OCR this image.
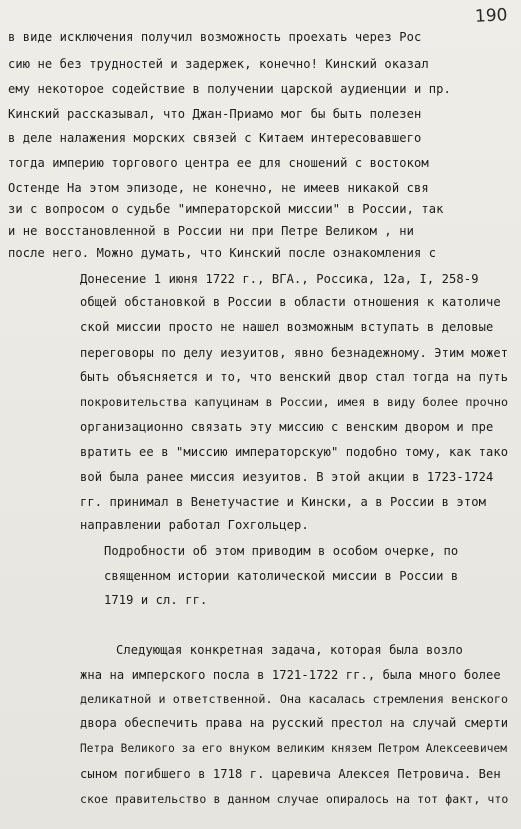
190
в виде исключения получил возможность проехать через Рос
сию не без трудностей и задержек, конечно! Кинский оказал
ему некоторое содействие в получении царской аудиенции и пр.
Кинский рассказывал, что Джан-Приамо мог бы быть полезен
в деле налажения морских связей с Китаем интересовавшего
тогда империю торгового центра ее для сношений с востоком
Остенде На этом эпизоде, не конечно, не имеев никакой свя
зи с вопросом о судьбе "императорской миссии" в России, так
и не восстановленной в России ни при Петре Великом , ни
после него. Можно думать, что Кинский после ознакомления с
Донесение 1 июня 1722 г., ВГА., Россика, 12а, I, 258-9
общей обстановкой в России в области отношения к католиче
ской миссии просто не нашел возможным вступать в деловые
переговоры по делу иезуитов, явно безнадежному. Этим может
быть объясняется и то, что венский двор стал тогда на путь
покровительства капуцинам в России, имея в виду более прочно
организационно связать эту миссию с венским двором и пре
вратить ее в "миссию императорскую" подобно тому, как тако
вой была ранее миссия иезуитов. В этой акции в 1723-1724
гг. принимал в Венетучастие и Кински, а в России в этом
направлении работал Гохгольцер.
Подробности об этом приводим в особом очерке, по
священном истории католической миссии в России в
1719 и сл. гг.
Следующая конкретная задача, которая была возло
жна на имперского посла в 1721-1722 гг., была много более
деликатной и ответственной. Она касалась стремления венского
двора обеспечить права на русский престол на случай смерти
Петра Великого за его внуком великим князем Петром Алексеевичем
сыном погибшего в 1718 г. царевича Алексея Петровича. Вен
ское правительство в данном случае опиралось на тот факт, что
